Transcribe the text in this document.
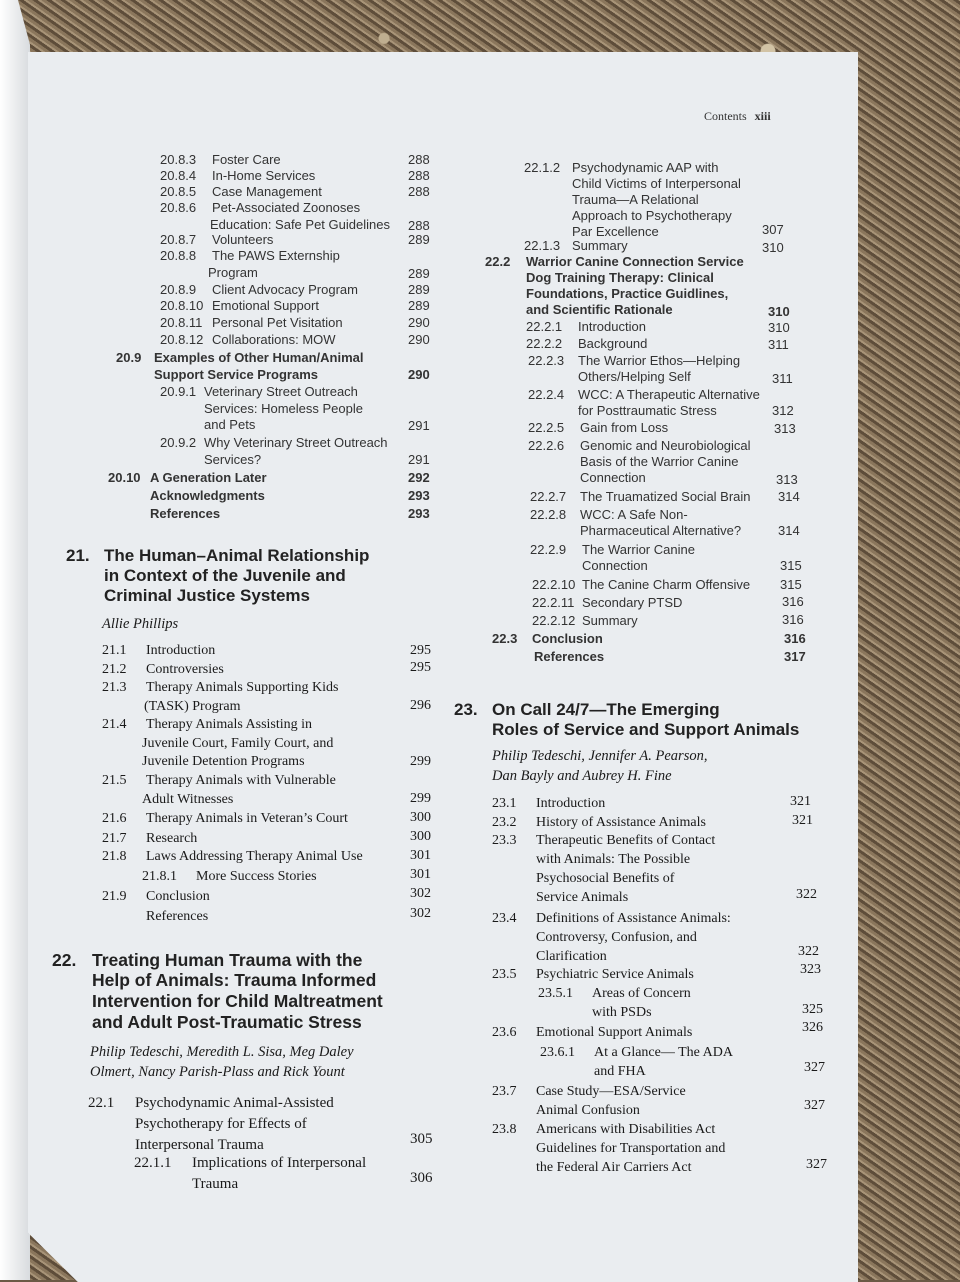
Contents xiii
20.8.3 Foster Care	288
20.8.4 In-Home Services	288
20.8.5 Case Management	288
20.8.6 Pet-Associated Zoonoses
Education: Safe Pet Guidelines 288
20.8.7 Volunteers	289
20.8.8 The PAWS Externship
Program	289
20.8.9 Client Advocacy Program	289
20.8.10 Emotional Support	289
20.8.11 Personal Pet Visitation	290
20.8.12 Collaborations: MOW	290
20.9 Examples of Other Human/Animal
Support Service Programs	290
20.9.1 Veterinary Street Outreach
Services: Homeless People
and Pets	291
20.9.2 Why Veterinary Street Outreach
Services?	291
20.10 A Generation Later	292
Acknowledgments	293
References	293
21.1 Introduction	295
21.2 Controversies	295
21.3 Therapy Animals Supporting Kids
(TASK) Program	296
21.4 Therapy Animals Assisting in
Juvenile Court, Family Court, and
Juvenile Detention Programs	299
21.5 Therapy Animals with Vulnerable
Adult Witnesses	299
21.6 Therapy Animals in Veteran’s Court	300
21.7 Research	300
21.8 Laws Addressing Therapy Animal Use	301
21.8.1 More Success Stories	301
21.9 Conclusion	302
References	302
22.1 Psychodynamic Animal-Assisted
Psychotherapy for Effects of
Interpersonal Trauma	305
22.1.1 Implications of Interpersonal
Trauma	306
22.1.2 Psychodynamic AAP with
Child Victims of Interpersonal
Trauma—A Relational
Approach to Psychotherapy
Par Excellence	307
22.1.3 Summary	310
22.2 Warrior Canine Connection Service
Dog Training Therapy: Clinical
Foundations, Practice Guidlines,
and Scientific Rationale	310
22.2.1 Introduction	310
22.2.2 Background	311
22.2.3 The Warrior Ethos—Helping
Others/Helping Self	311
22.2.4 WCC: A Therapeutic Alternative
for Posttraumatic Stress	312
22.2.5 Gain from Loss	313
22.2.6 Genomic and Neurobiological
Basis of the Warrior Canine
Connection	313
22.2.7 The Truamatized Social Brain 314
22.2.8 WCC: A Safe Non-
Pharmaceutical Alternative?	314
22.2.9 The Warrior Canine
Connection	315
22.2.10 The Canine Charm Offensive 315
22.2.11 Secondary PTSD	316
22.2.12 Summary	316
22.3 Conclusion	316
References	317
23.1 Introduction	321
23.2 History of Assistance Animals	321
23.3 Therapeutic Benefits of Contact
with Animals: The Possible
Psychosocial Benefits of
Service Animals	322
23.4 Definitions of Assistance Animals:
Controversy, Confusion, and
Clarification	322
23.5 Psychiatric Service Animals	323
23.5.1 Areas of Concern
with PSDs	325
23.6 Emotional Support Animals	326
23.6.1 At a Glance— The ADA
and FHA	327
23.7 Case Study—ESA/Service
Animal Confusion	327
23.8 Americans with Disabilities Act
Guidelines for Transportation and
the Federal Air Carriers Act	327
21. The Human–Animal Relationship
in Context of the Juvenile and
Criminal Justice Systems
Allie Phillips
22. Treating Human Trauma with the
Help of Animals: Trauma Informed
Intervention for Child Maltreatment
and Adult Post-Traumatic Stress
Philip Tedeschi, Meredith L. Sisa, Meg Daley
Olmert, Nancy Parish-Plass and Rick Yount
23. On Call 24/7—The Emerging
Roles of Service and Support Animals
Philip Tedeschi, Jennifer A. Pearson,
Dan Bayly and Aubrey H. Fine
